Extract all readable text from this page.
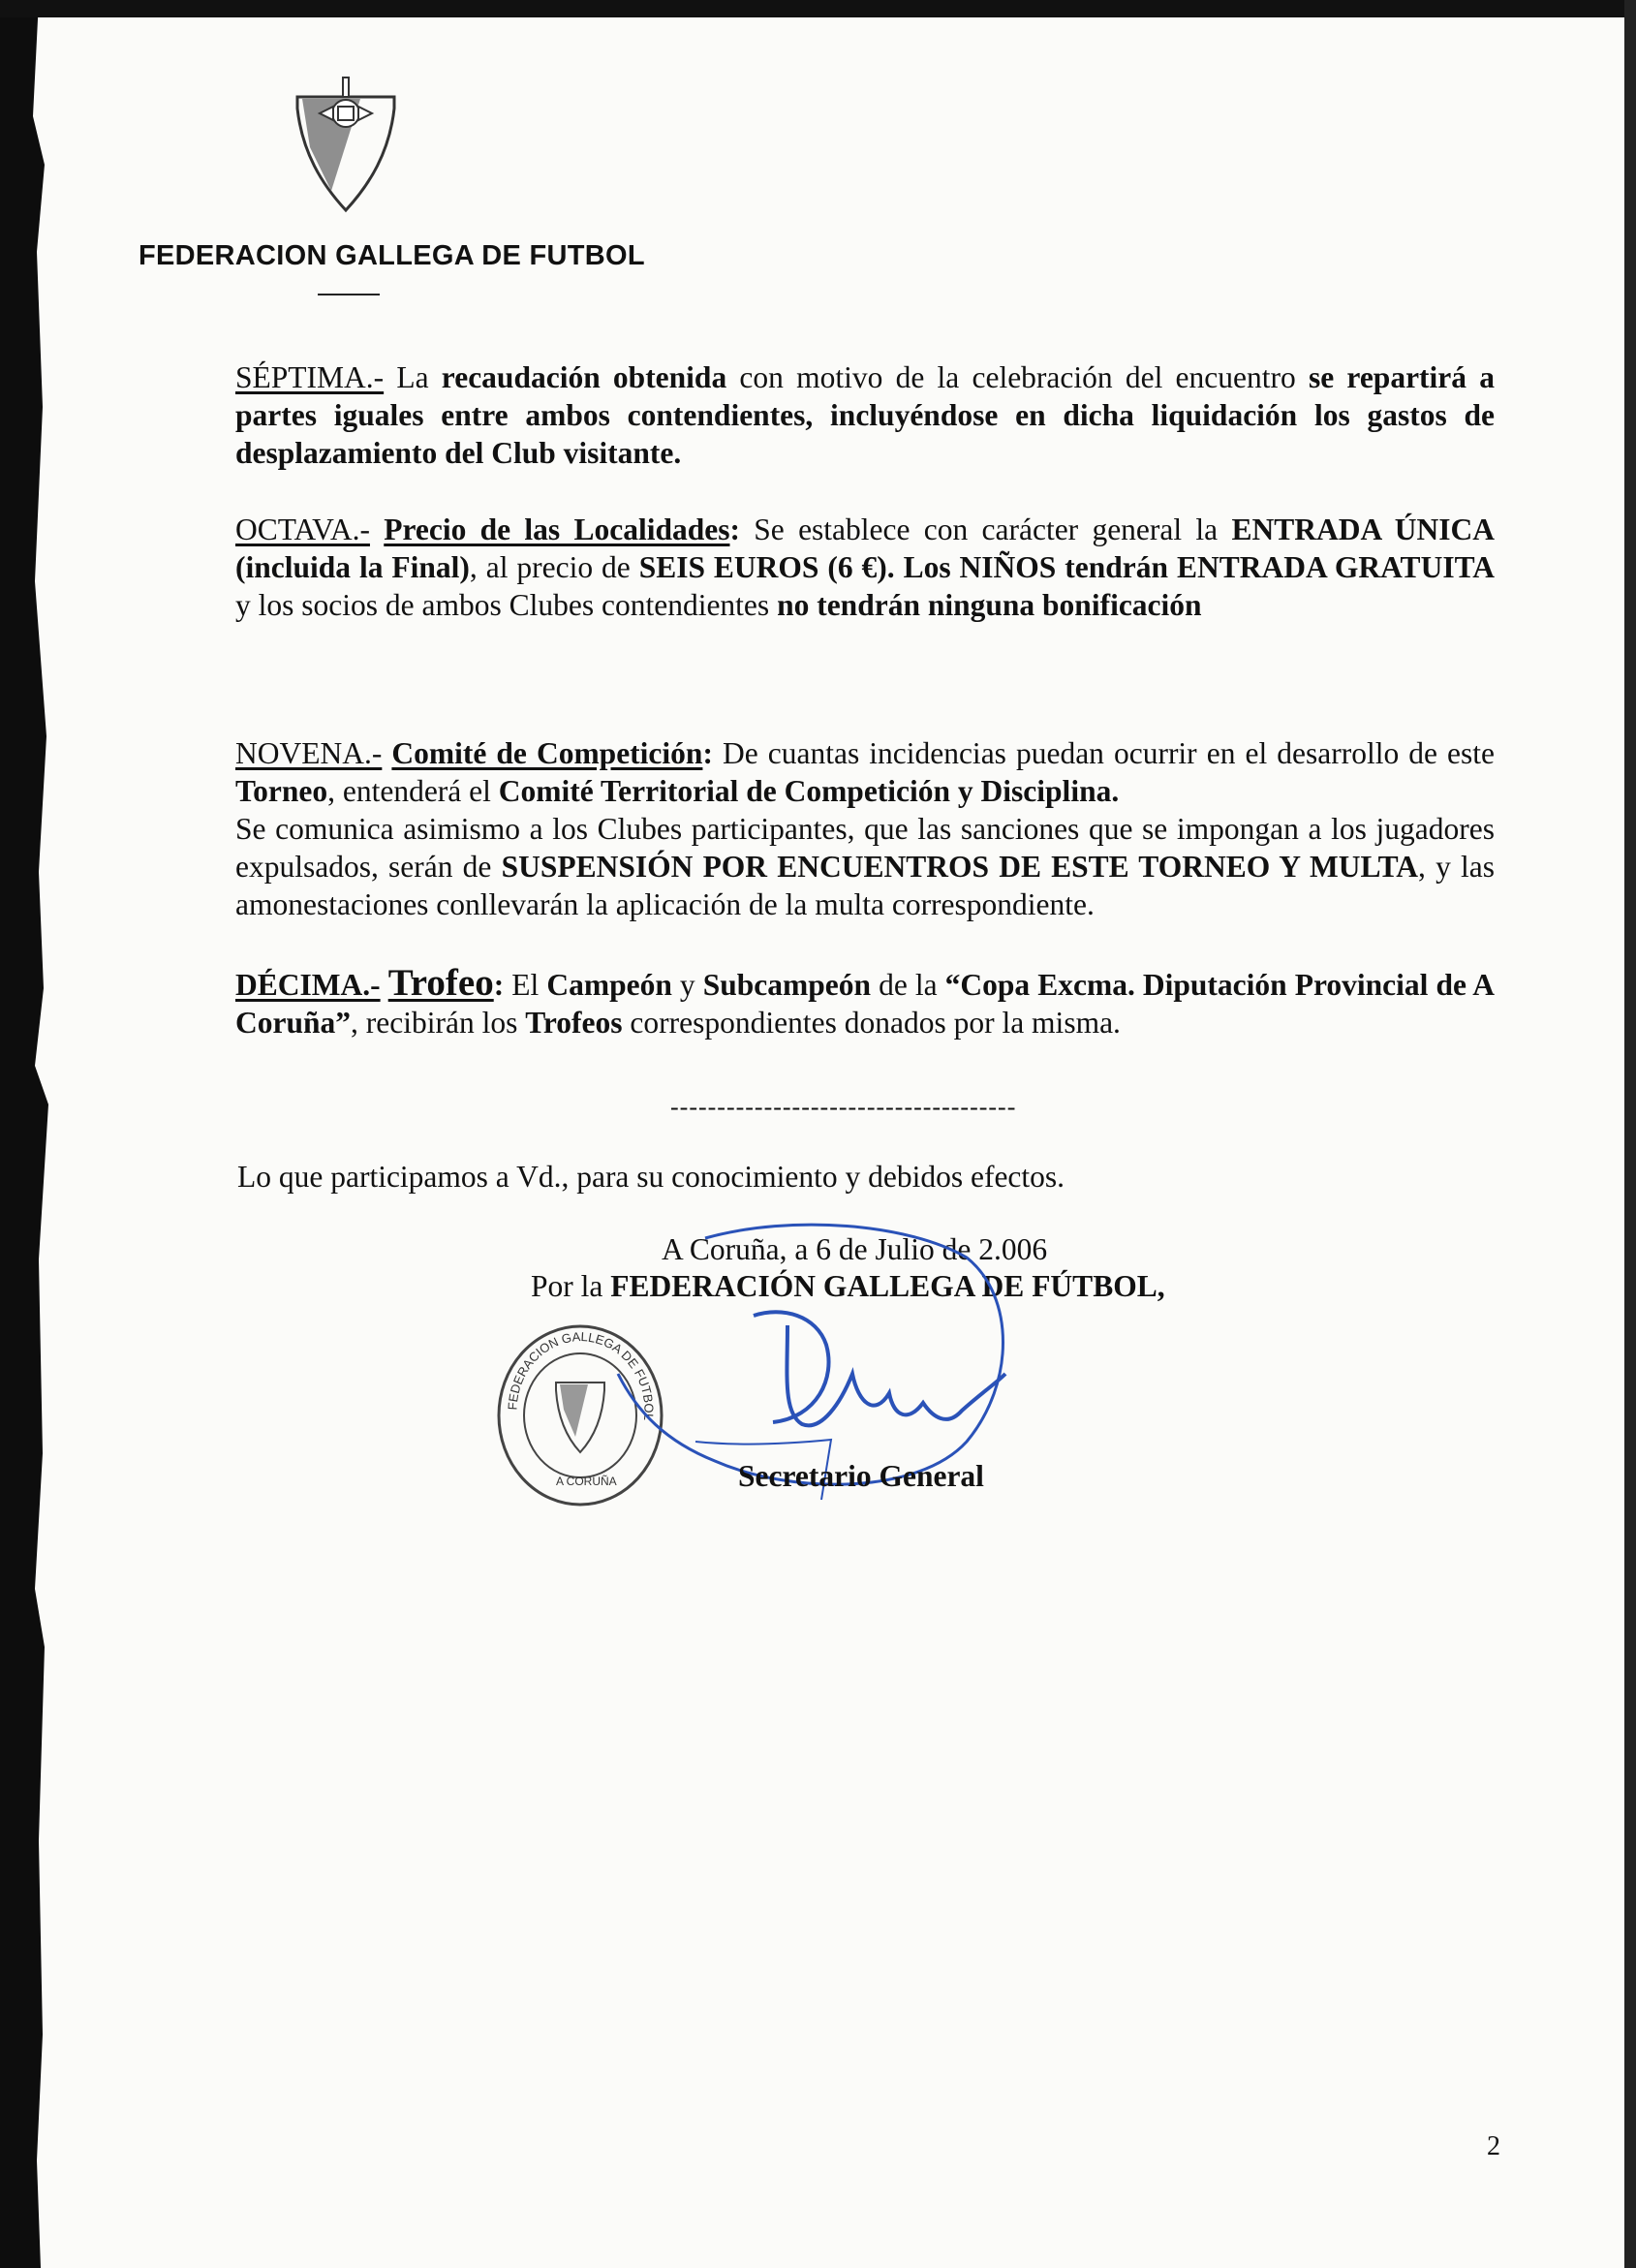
FEDERACION GALLEGA DE FUTBOL

SÉPTIMA.- La recaudación obtenida con motivo de la celebración del encuentro se repartirá a partes iguales entre ambos contendientes, incluyéndose en dicha liquidación los gastos de desplazamiento del Club visitante.

OCTAVA.- Precio de las Localidades: Se establece con carácter general la ENTRADA ÚNICA (incluida la Final), al precio de SEIS EUROS (6 €). Los NIÑOS tendrán ENTRADA GRATUITA y los socios de ambos Clubes contendientes no tendrán ninguna bonificación

NOVENA.- Comité de Competición: De cuantas incidencias puedan ocurrir en el desarrollo de este Torneo, entenderá el Comité Territorial de Competición y Disciplina.

Se comunica asimismo a los Clubes participantes, que las sanciones que se impongan a los jugadores expulsados, serán de SUSPENSIÓN POR ENCUENTROS DE ESTE TORNEO Y MULTA, y las amonestaciones conllevarán la aplicación de la multa correspondiente.

DÉCIMA.- Trofeo: El Campeón y Subcampeón de la “Copa Excma. Diputación Provincial de A Coruña”, recibirán los Trofeos correspondientes donados por la misma.

-------------------------------------
Lo que participamos a Vd., para su conocimiento y debidos efectos.
A Coruña, a 6 de Julio de 2.006
Por la FEDERACIÓN GALLEGA DE FÚTBOL,
FEDERACION GALLEGA DE FUTBOL
A CORUÑA	Secretario General
2
